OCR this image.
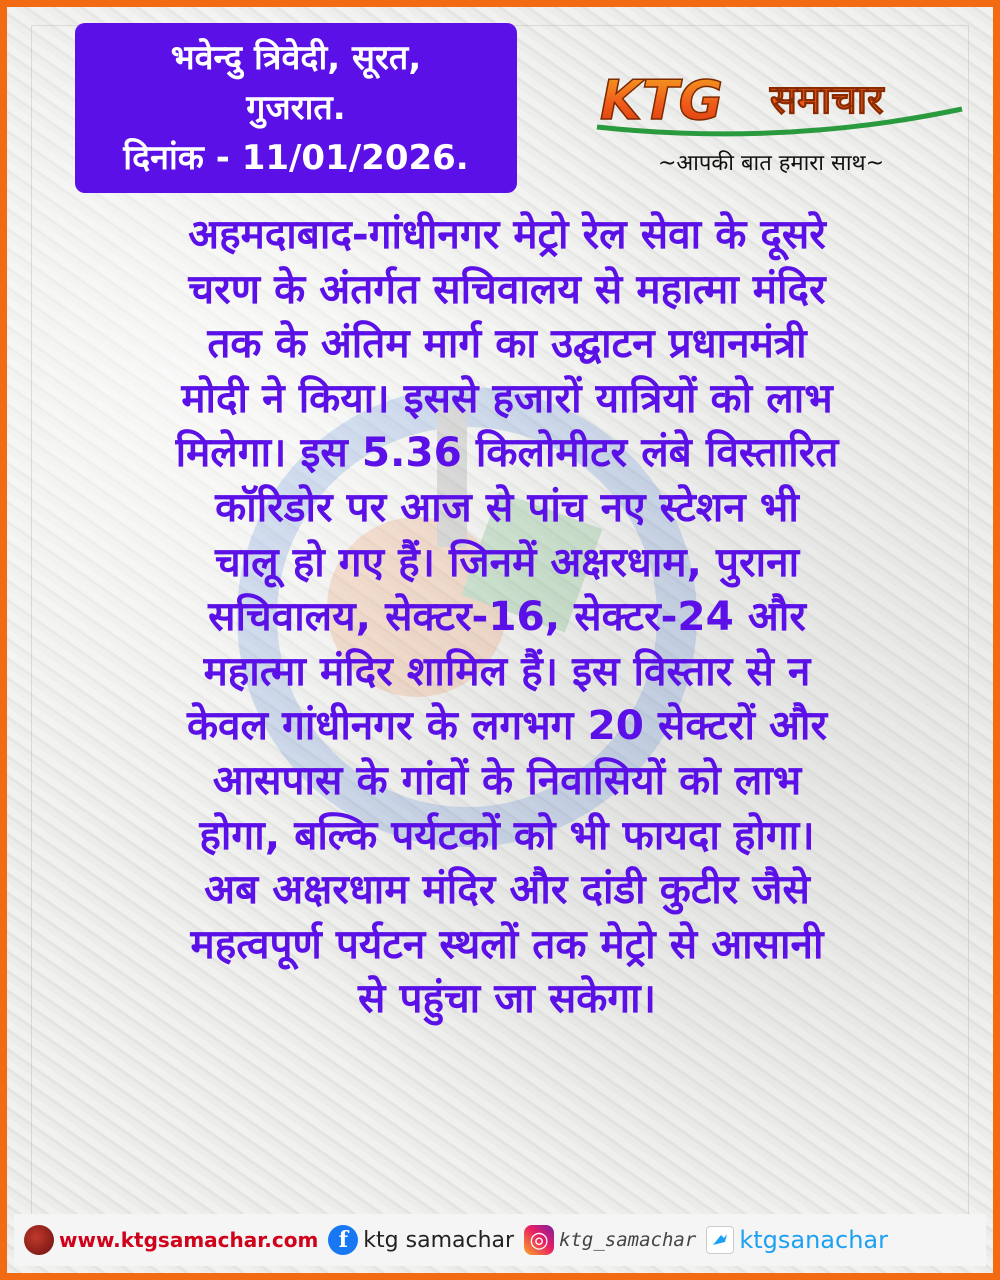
भवेन्दु त्रिवेदी, सूरत,
गुजरात.
दिनांक - 11/01/2026.
KTG समाचार
~आपकी बात हमारा साथ~
अहमदाबाद-गांधीनगर मेट्रो रेल सेवा के दूसरे
चरण के अंतर्गत सचिवालय से महात्मा मंदिर
तक के अंतिम मार्ग का उद्घाटन प्रधानमंत्री
मोदी ने किया। इससे हजारों यात्रियों को लाभ
मिलेगा। इस 5.36 किलोमीटर लंबे विस्तारित
कॉरिडोर पर आज से पांच नए स्टेशन भी
चालू हो गए हैं। जिनमें अक्षरधाम, पुराना
सचिवालय, सेक्टर-16, सेक्टर-24 और
महात्मा मंदिर शामिल हैं। इस विस्तार से न
केवल गांधीनगर के लगभग 20 सेक्टरों और
आसपास के गांवों के निवासियों को लाभ
होगा, बल्कि पर्यटकों को भी फायदा होगा।
अब अक्षरधाम मंदिर और दांडी कुटीर जैसे
महत्वपूर्ण पर्यटन स्थलों तक मेट्रो से आसानी
से पहुंचा जा सकेगा।
www.ktgsamachar.com f ktg samachar ◎ ktg_samachar ktgsanachar
